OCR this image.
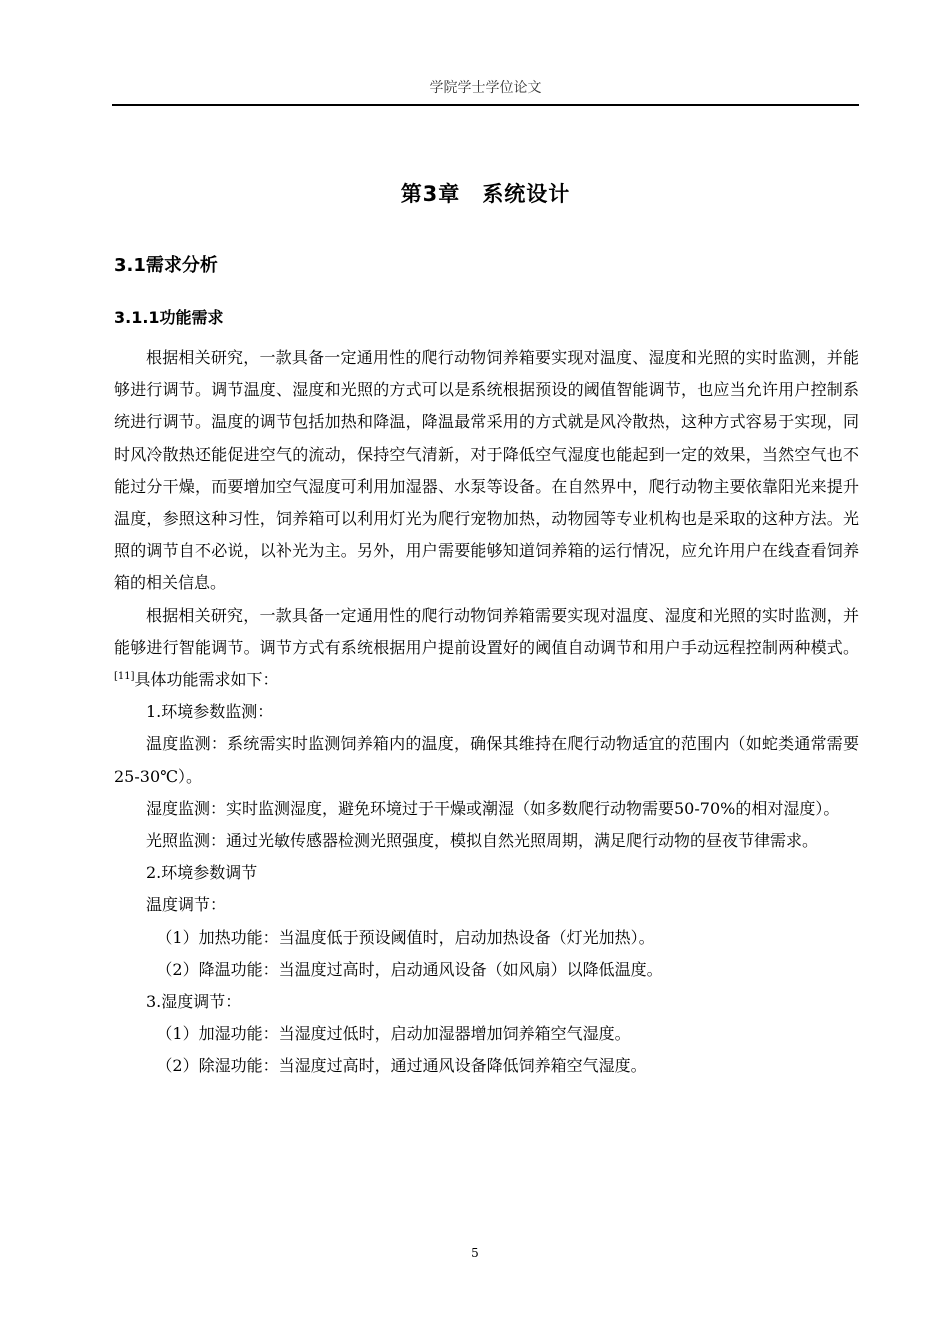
学院学士学位论文
第3章 系统设计
3.1需求分析
3.1.1功能需求

根据相关研究，一款具备一定通用性的爬行动物饲养箱要实现对温度、湿度和光照的实时监测，并能够进行调节。调节温度、湿度和光照的方式可以是系统根据预设的阈值智能调节，也应当允许用户控制系统进行调节。温度的调节包括加热和降温，降温最常采用的方式就是风冷散热，这种方式容易于实现，同时风冷散热还能促进空气的流动，保持空气清新，对于降低空气湿度也能起到一定的效果，当然空气也不能过分干燥，而要增加空气湿度可利用加湿器、水泵等设备。在自然界中，爬行动物主要依靠阳光来提升温度，参照这种习性，饲养箱可以利用灯光为爬行宠物加热，动物园等专业机构也是采取的这种方法。光照的调节自不必说，以补光为主。另外，用户需要能够知道饲养箱的运行情况，应允许用户在线查看饲养箱的相关信息。

根据相关研究，一款具备一定通用性的爬行动物饲养箱需要实现对温度、湿度和光照的实时监测，并能够进行智能调节。调节方式有系统根据用户提前设置好的阈值自动调节和用户手动远程控制两种模式。[11]具体功能需求如下：

1.环境参数监测：

温度监测：系统需实时监测饲养箱内的温度，确保其维持在爬行动物适宜的范围内（如蛇类通常需要25-30℃）。

湿度监测：实时监测湿度，避免环境过于干燥或潮湿（如多数爬行动物需要50-70%的相对湿度）。

光照监测：通过光敏传感器检测光照强度，模拟自然光照周期，满足爬行动物的昼夜节律需求。

2.环境参数调节

温度调节：

（1）加热功能：当温度低于预设阈值时，启动加热设备（灯光加热）。

（2）降温功能：当温度过高时，启动通风设备（如风扇）以降低温度。

3.湿度调节：

（1）加湿功能：当湿度过低时，启动加湿器增加饲养箱空气湿度。

（2）除湿功能：当湿度过高时，通过通风设备降低饲养箱空气湿度。

5
